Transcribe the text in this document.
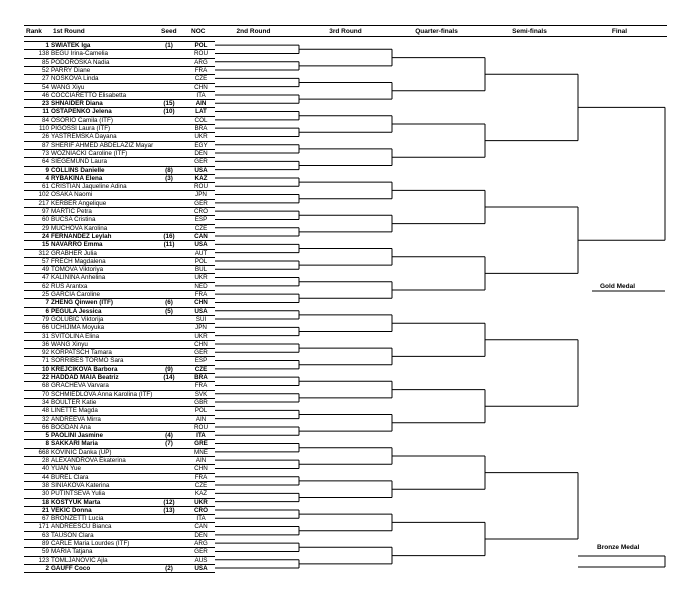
Rank 1st Round	Seed NOC	2nd Round	3rd Round	Quarter-finals	Semi-finals	Final
1 SWIATEK Iga	(1)	POL
138 BEGU Irina-Camelia	ROU
85 PODOROSKA Nadia	ARG
52 PARRY Diane	FRA
27 NOSKOVA Linda	CZE
54 WANG Xiyu	CHN
46 COCCIARETTO Elisabetta	ITA
23 SHNAIDER Diana	(15)	AIN
11 OSTAPENKO Jelena	(10)	LAT
84 OSORIO Camila (ITF)	COL
110 PIGOSSI Laura (ITF)	BRA
26 YASTREMSKA Dayana	UKR
87 SHERIF AHMED ABDELAZIZ Mayar	EGY
73 WOZNIACKI Caroline (ITF)	DEN
64 SIEGEMUND Laura	GER
9 COLLINS Danielle	(8)	USA
4 RYBAKINA Elena	(3)	KAZ
61 CRISTIAN Jaqueline Adina	ROU
102 OSAKA Naomi	JPN
217 KERBER Angelique	GER
97 MARTIC Petra	CRO
60 BUCSA Cristina	ESP
29 MUCHOVA Karolina	CZE
24 FERNANDEZ Leylah	(16)	CAN
15 NAVARRO Emma	(11)	USA
312 GRABHER Julia	AUT
57 FRECH Magdalena	POL
49 TOMOVA Viktoriya	BUL
47 KALININA Anhelina	UKR
62 RUS Arantxa	NED
25 GARCIA Caroline	FRA
7 ZHENG Qinwen (ITF)	(6)	CHN
6 PEGULA Jessica	(5)	USA
79 GOLUBIC Viktorija	SUI
66 UCHIJIMA Moyuka	JPN
31 SVITOLINA Elina	UKR
36 WANG Xinyu	CHN
92 KORPATSCH Tamara	GER
71 SORRIBES TORMO Sara	ESP
10 KREJCIKOVA Barbora	(9)	CZE
22 HADDAD MAIA Beatriz	(14)	BRA
68 GRACHEVA Varvara	FRA
70 SCHMIEDLOVA Anna Karolina (ITF)	SVK
34 BOULTER Katie	GBR
48 LINETTE Magda	POL
32 ANDREEVA Mirra	AIN
66 BOGDAN Ana	ROU
5 PAOLINI Jasmine	(4)	ITA
8 SAKKARI Maria	(7)	GRE
668 KOVINIC Danka (UP)	MNE
28 ALEXANDROVA Ekaterina	AIN
40 YUAN Yue	CHN
44 BUREL Clara	FRA
38 SINIAKOVA Katerina	CZE
30 PUTINTSEVA Yulia	KAZ
18 KOSTYUK Marta	(12)	UKR
21 VEKIC Donna	(13)	CRO
67 BRONZETTI Lucia	ITA
171 ANDREESCU Bianca	CAN
63 TAUSON Clara	DEN
89 CARLE Maria Lourdes (ITF)	ARG
59 MARIA Tatjana	GER
123 TOMLJANOVIC Ajla	AUS
2 GAUFF Coco	(2)	USA
Gold Medal
Bronze Medal
